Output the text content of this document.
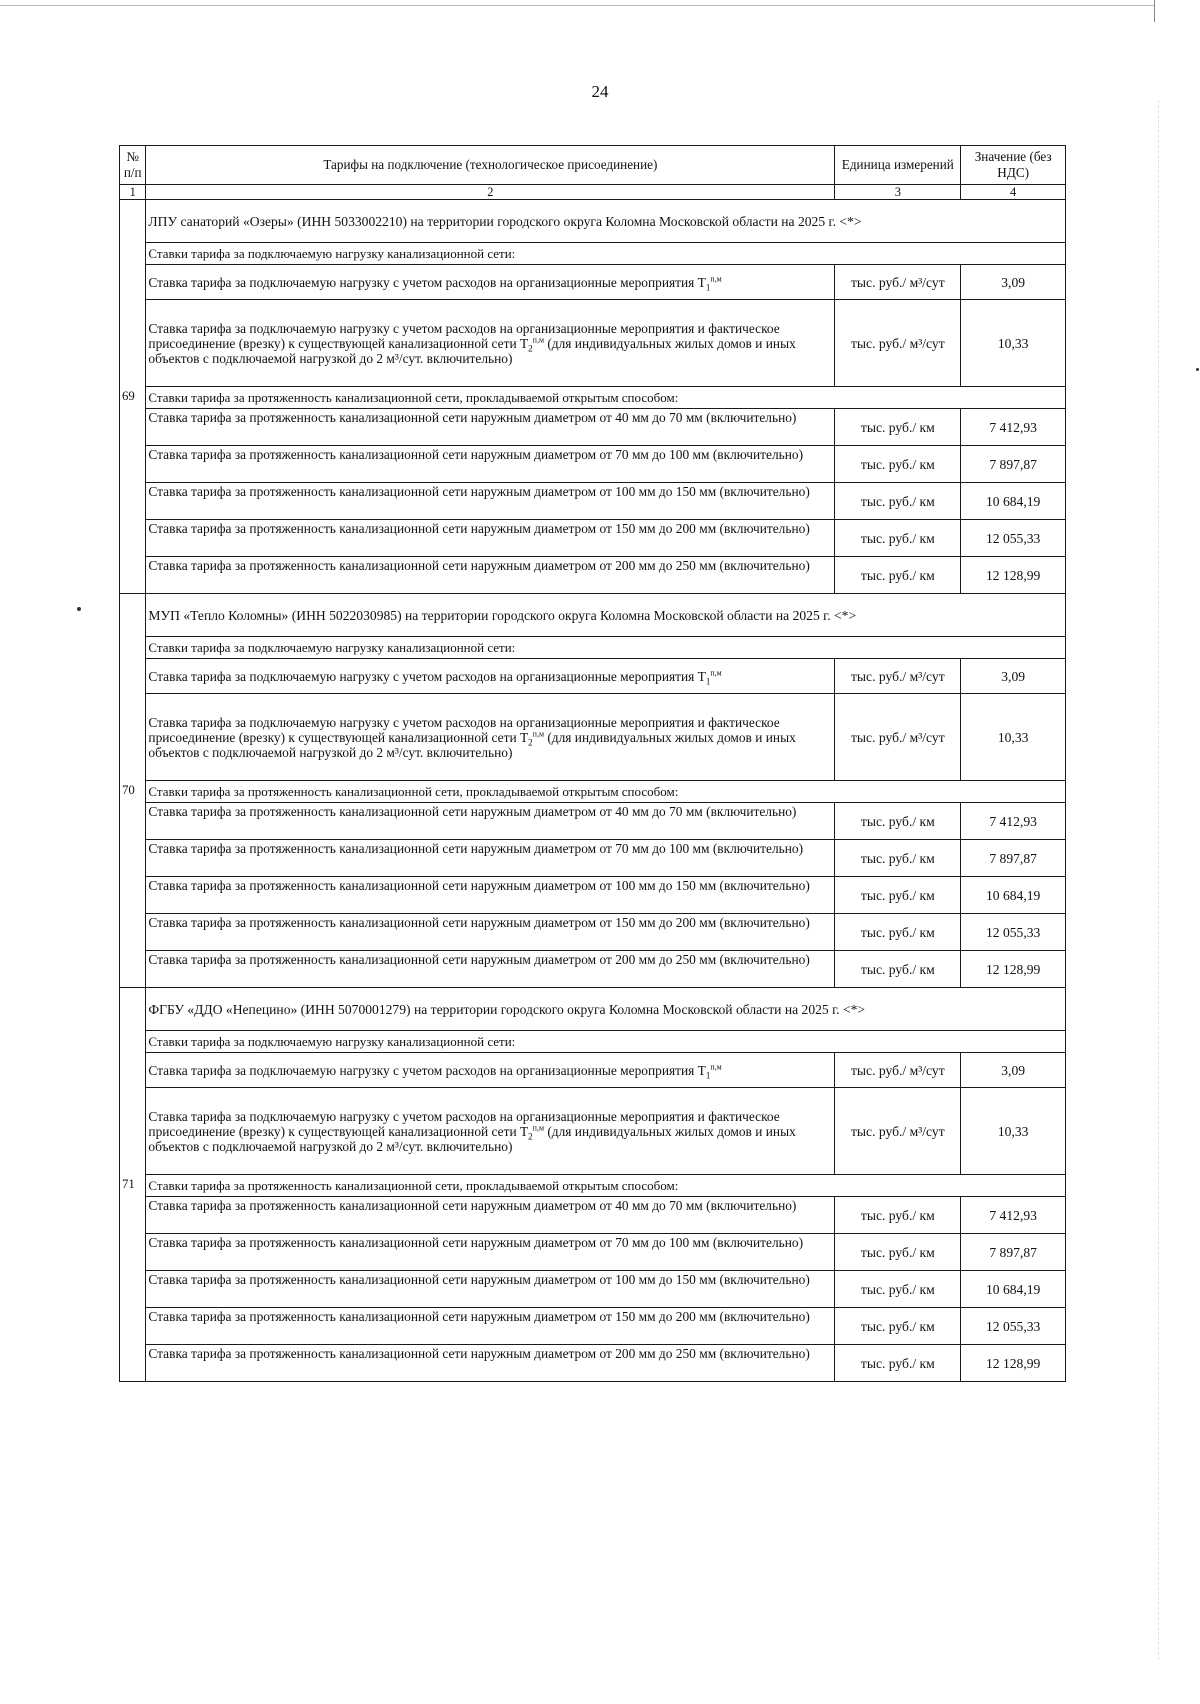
24
№ п/п	Тарифы на подключение (технологическое присоединение)	Единица измерений	Значение (без НДС)
1	2	3	4
69	ЛПУ санаторий «Озеры» (ИНН 5033002210) на территории городского округа Коломна Московской области на 2025 г. <*>		
	Ставки тарифа за подключаемую нагрузку канализационной сети:		
	Ставка тарифа за подключаемую нагрузку с учетом расходов на организационные мероприятия $T_1^{п,м}$	тыс. руб./ м³/сут	3,09
	Ставка тарифа за подключаемую нагрузку с учетом расходов на организационные мероприятия и фактическое присоединение (врезку) к существующей канализационной сети $T_2^{п,м}$ (для индивидуальных жилых домов и иных объектов с подключаемой нагрузкой до 2 м³/сут. включительно)	тыс. руб./ м³/сут	10,33
	Ставки тарифа за протяженность канализационной сети, прокладываемой открытым способом:		
	Ставка тарифа за протяженность канализационной сети наружным диаметром от 40 мм до 70 мм (включительно)	тыс. руб./ км	7 412,93
	Ставка тарифа за протяженность канализационной сети наружным диаметром от 70 мм до 100 мм (включительно)	тыс. руб./ км	7 897,87
	Ставка тарифа за протяженность канализационной сети наружным диаметром от 100 мм до 150 мм (включительно)	тыс. руб./ км	10 684,19
	Ставка тарифа за протяженность канализационной сети наружным диаметром от 150 мм до 200 мм (включительно)	тыс. руб./ км	12 055,33
	Ставка тарифа за протяженность канализационной сети наружным диаметром от 200 мм до 250 мм (включительно)	тыс. руб./ км	12 128,99
70	МУП «Тепло Коломны» (ИНН 5022030985) на территории городского округа Коломна Московской области на 2025 г. <*>		
	Ставки тарифа за подключаемую нагрузку канализационной сети:		
	Ставка тарифа за подключаемую нагрузку с учетом расходов на организационные мероприятия $T_1^{п,м}$	тыс. руб./ м³/сут	3,09
	Ставка тарифа за подключаемую нагрузку с учетом расходов на организационные мероприятия и фактическое присоединение (врезку) к существующей канализационной сети $T_2^{п,м}$ (для индивидуальных жилых домов и иных объектов с подключаемой нагрузкой до 2 м³/сут. включительно)	тыс. руб./ м³/сут	10,33
	Ставки тарифа за протяженность канализационной сети, прокладываемой открытым способом:		
	Ставка тарифа за протяженность канализационной сети наружным диаметром от 40 мм до 70 мм (включительно)	тыс. руб./ км	7 412,93
	Ставка тарифа за протяженность канализационной сети наружным диаметром от 70 мм до 100 мм (включительно)	тыс. руб./ км	7 897,87
	Ставка тарифа за протяженность канализационной сети наружным диаметром от 100 мм до 150 мм (включительно)	тыс. руб./ км	10 684,19
	Ставка тарифа за протяженность канализационной сети наружным диаметром от 150 мм до 200 мм (включительно)	тыс. руб./ км	12 055,33
	Ставка тарифа за протяженность канализационной сети наружным диаметром от 200 мм до 250 мм (включительно)	тыс. руб./ км	12 128,99
71	ФГБУ «ДДО «Непецино» (ИНН 5070001279) на территории городского округа Коломна Московской области на 2025 г. <*>		
	Ставки тарифа за подключаемую нагрузку канализационной сети:		
	Ставка тарифа за подключаемую нагрузку с учетом расходов на организационные мероприятия $T_1^{п,м}$	тыс. руб./ м³/сут	3,09
	Ставка тарифа за подключаемую нагрузку с учетом расходов на организационные мероприятия и фактическое присоединение (врезку) к существующей канализационной сети $T_2^{п,м}$ (для индивидуальных жилых домов и иных объектов с подключаемой нагрузкой до 2 м³/сут. включительно)	тыс. руб./ м³/сут	10,33
	Ставки тарифа за протяженность канализационной сети, прокладываемой открытым способом:		
	Ставка тарифа за протяженность канализационной сети наружным диаметром от 40 мм до 70 мм (включительно)	тыс. руб./ км	7 412,93
	Ставка тарифа за протяженность канализационной сети наружным диаметром от 70 мм до 100 мм (включительно)	тыс. руб./ км	7 897,87
	Ставка тарифа за протяженность канализационной сети наружным диаметром от 100 мм до 150 мм (включительно)	тыс. руб./ км	10 684,19
	Ставка тарифа за протяженность канализационной сети наружным диаметром от 150 мм до 200 мм (включительно)	тыс. руб./ км	12 055,33
	Ставка тарифа за протяженность канализационной сети наружным диаметром от 200 мм до 250 мм (включительно)	тыс. руб./ км	12 128,99
